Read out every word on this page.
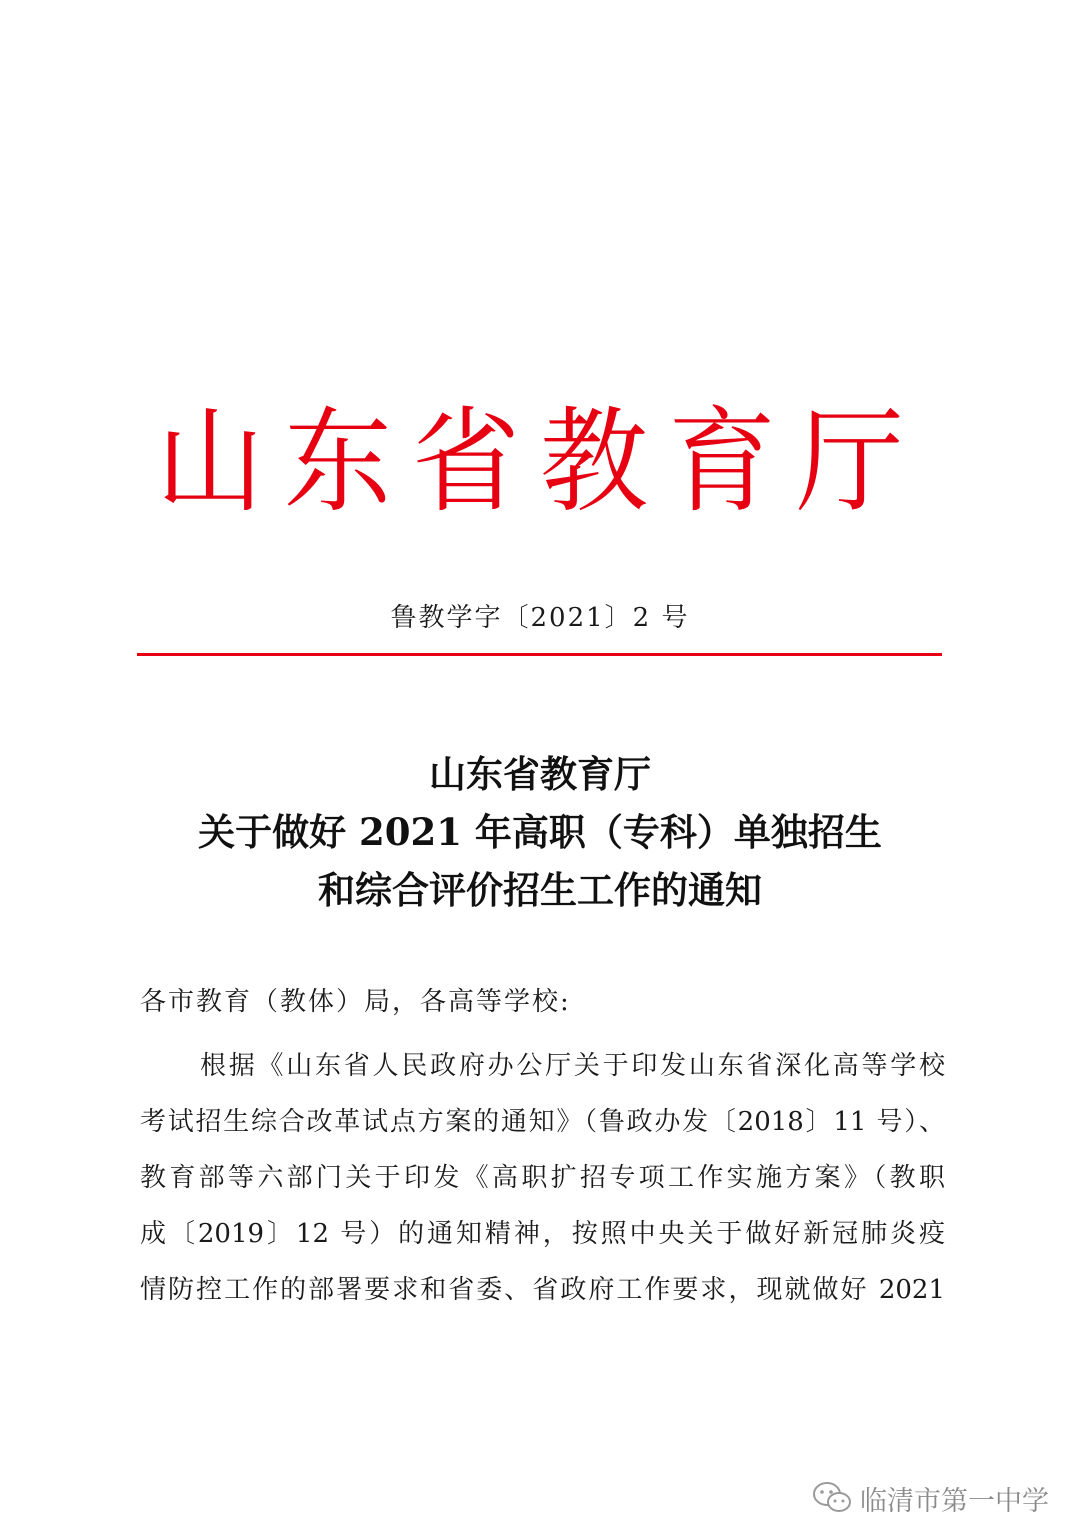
山东省教育厅
鲁教学字〔2021〕2 号
山东省教育厅
关于做好 2021 年高职（专科）单独招生
和综合评价招生工作的通知
各市教育（教体）局，各高等学校:
根据《山东省人民政府办公厅关于印发山东省深化高等学校
考试招生综合改革试点方案的通知》（鲁政办发〔2018〕11 号）、
教育部等六部门关于印发《高职扩招专项工作实施方案》（教职
成〔2019〕12 号）的通知精神，按照中央关于做好新冠肺炎疫
情防控工作的部署要求和省委、省政府工作要求，现就做好 2021
临清市第一中学
